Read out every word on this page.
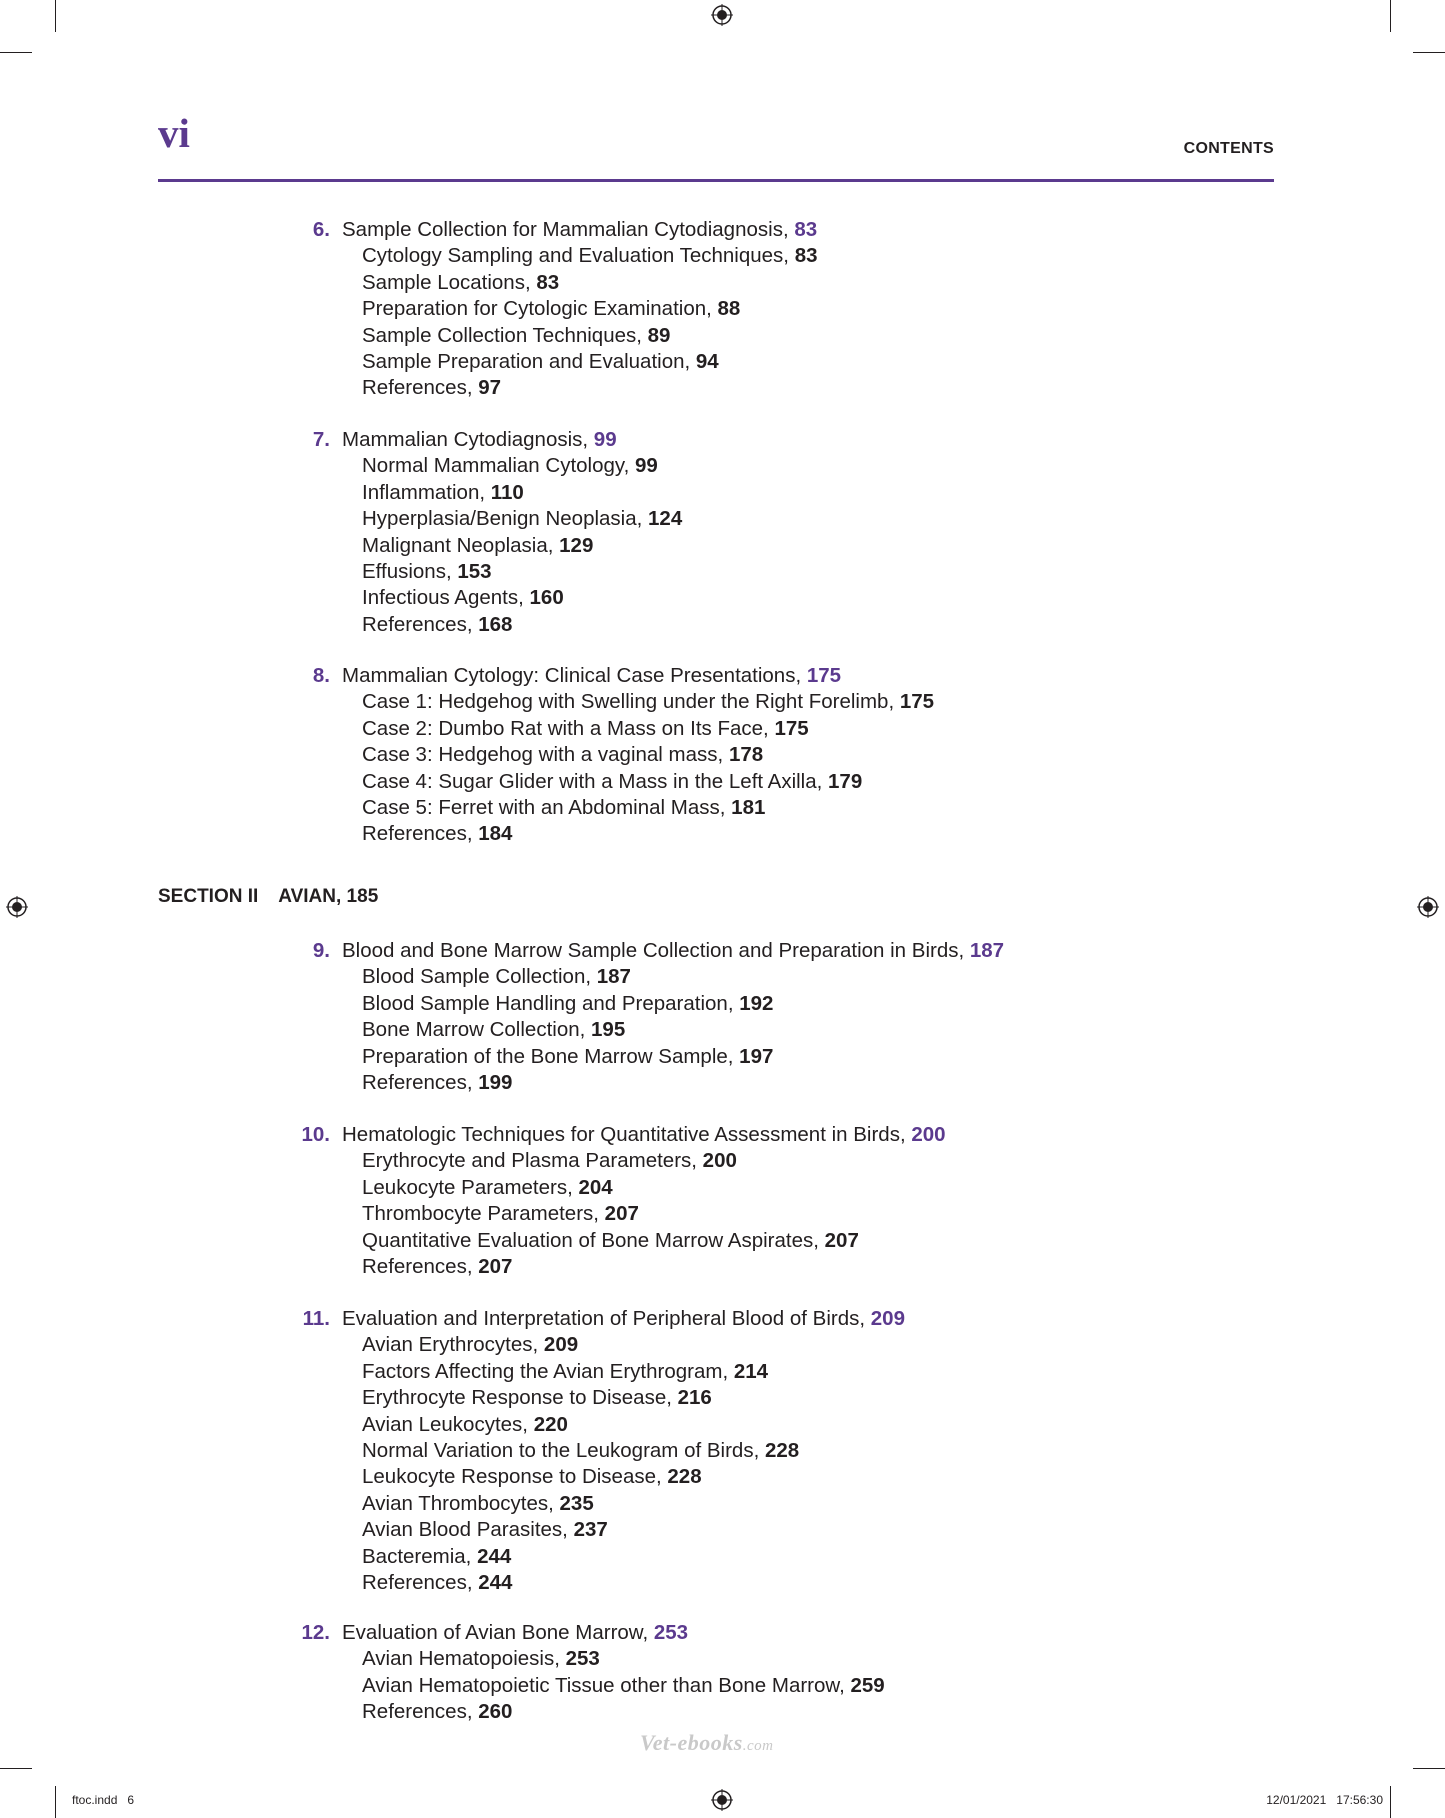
vi	CONTENTS
6. Sample Collection for Mammalian Cytodiagnosis, 83
Cytology Sampling and Evaluation Techniques, 83
Sample Locations, 83
Preparation for Cytologic Examination, 88
Sample Collection Techniques, 89
Sample Preparation and Evaluation, 94
References, 97
7. Mammalian Cytodiagnosis, 99
Normal Mammalian Cytology, 99
Inflammation, 110
Hyperplasia/Benign Neoplasia, 124
Malignant Neoplasia, 129
Effusions, 153
Infectious Agents, 160
References, 168
8. Mammalian Cytology: Clinical Case Presentations, 175
Case 1: Hedgehog with Swelling under the Right Forelimb, 175
Case 2: Dumbo Rat with a Mass on Its Face, 175
Case 3: Hedgehog with a vaginal mass, 178
Case 4: Sugar Glider with a Mass in the Left Axilla, 179
Case 5: Ferret with an Abdominal Mass, 181
References, 184
SECTION II AVIAN, 185
9. Blood and Bone Marrow Sample Collection and Preparation in Birds, 187
Blood Sample Collection, 187
Blood Sample Handling and Preparation, 192
Bone Marrow Collection, 195
Preparation of the Bone Marrow Sample, 197
References, 199
10. Hematologic Techniques for Quantitative Assessment in Birds, 200
Erythrocyte and Plasma Parameters, 200
Leukocyte Parameters, 204
Thrombocyte Parameters, 207
Quantitative Evaluation of Bone Marrow Aspirates, 207
References, 207
11. Evaluation and Interpretation of Peripheral Blood of Birds, 209
Avian Erythrocytes, 209
Factors Affecting the Avian Erythrogram, 214
Erythrocyte Response to Disease, 216
Avian Leukocytes, 220
Normal Variation to the Leukogram of Birds, 228
Leukocyte Response to Disease, 228
Avian Thrombocytes, 235
Avian Blood Parasites, 237
Bacteremia, 244
References, 244
12. Evaluation of Avian Bone Marrow, 253
Avian Hematopoiesis, 253
Avian Hematopoietic Tissue other than Bone Marrow, 259
References, 260
Vet-ebooks.com
ftoc.indd   6	12/01/2021   17:56:30
